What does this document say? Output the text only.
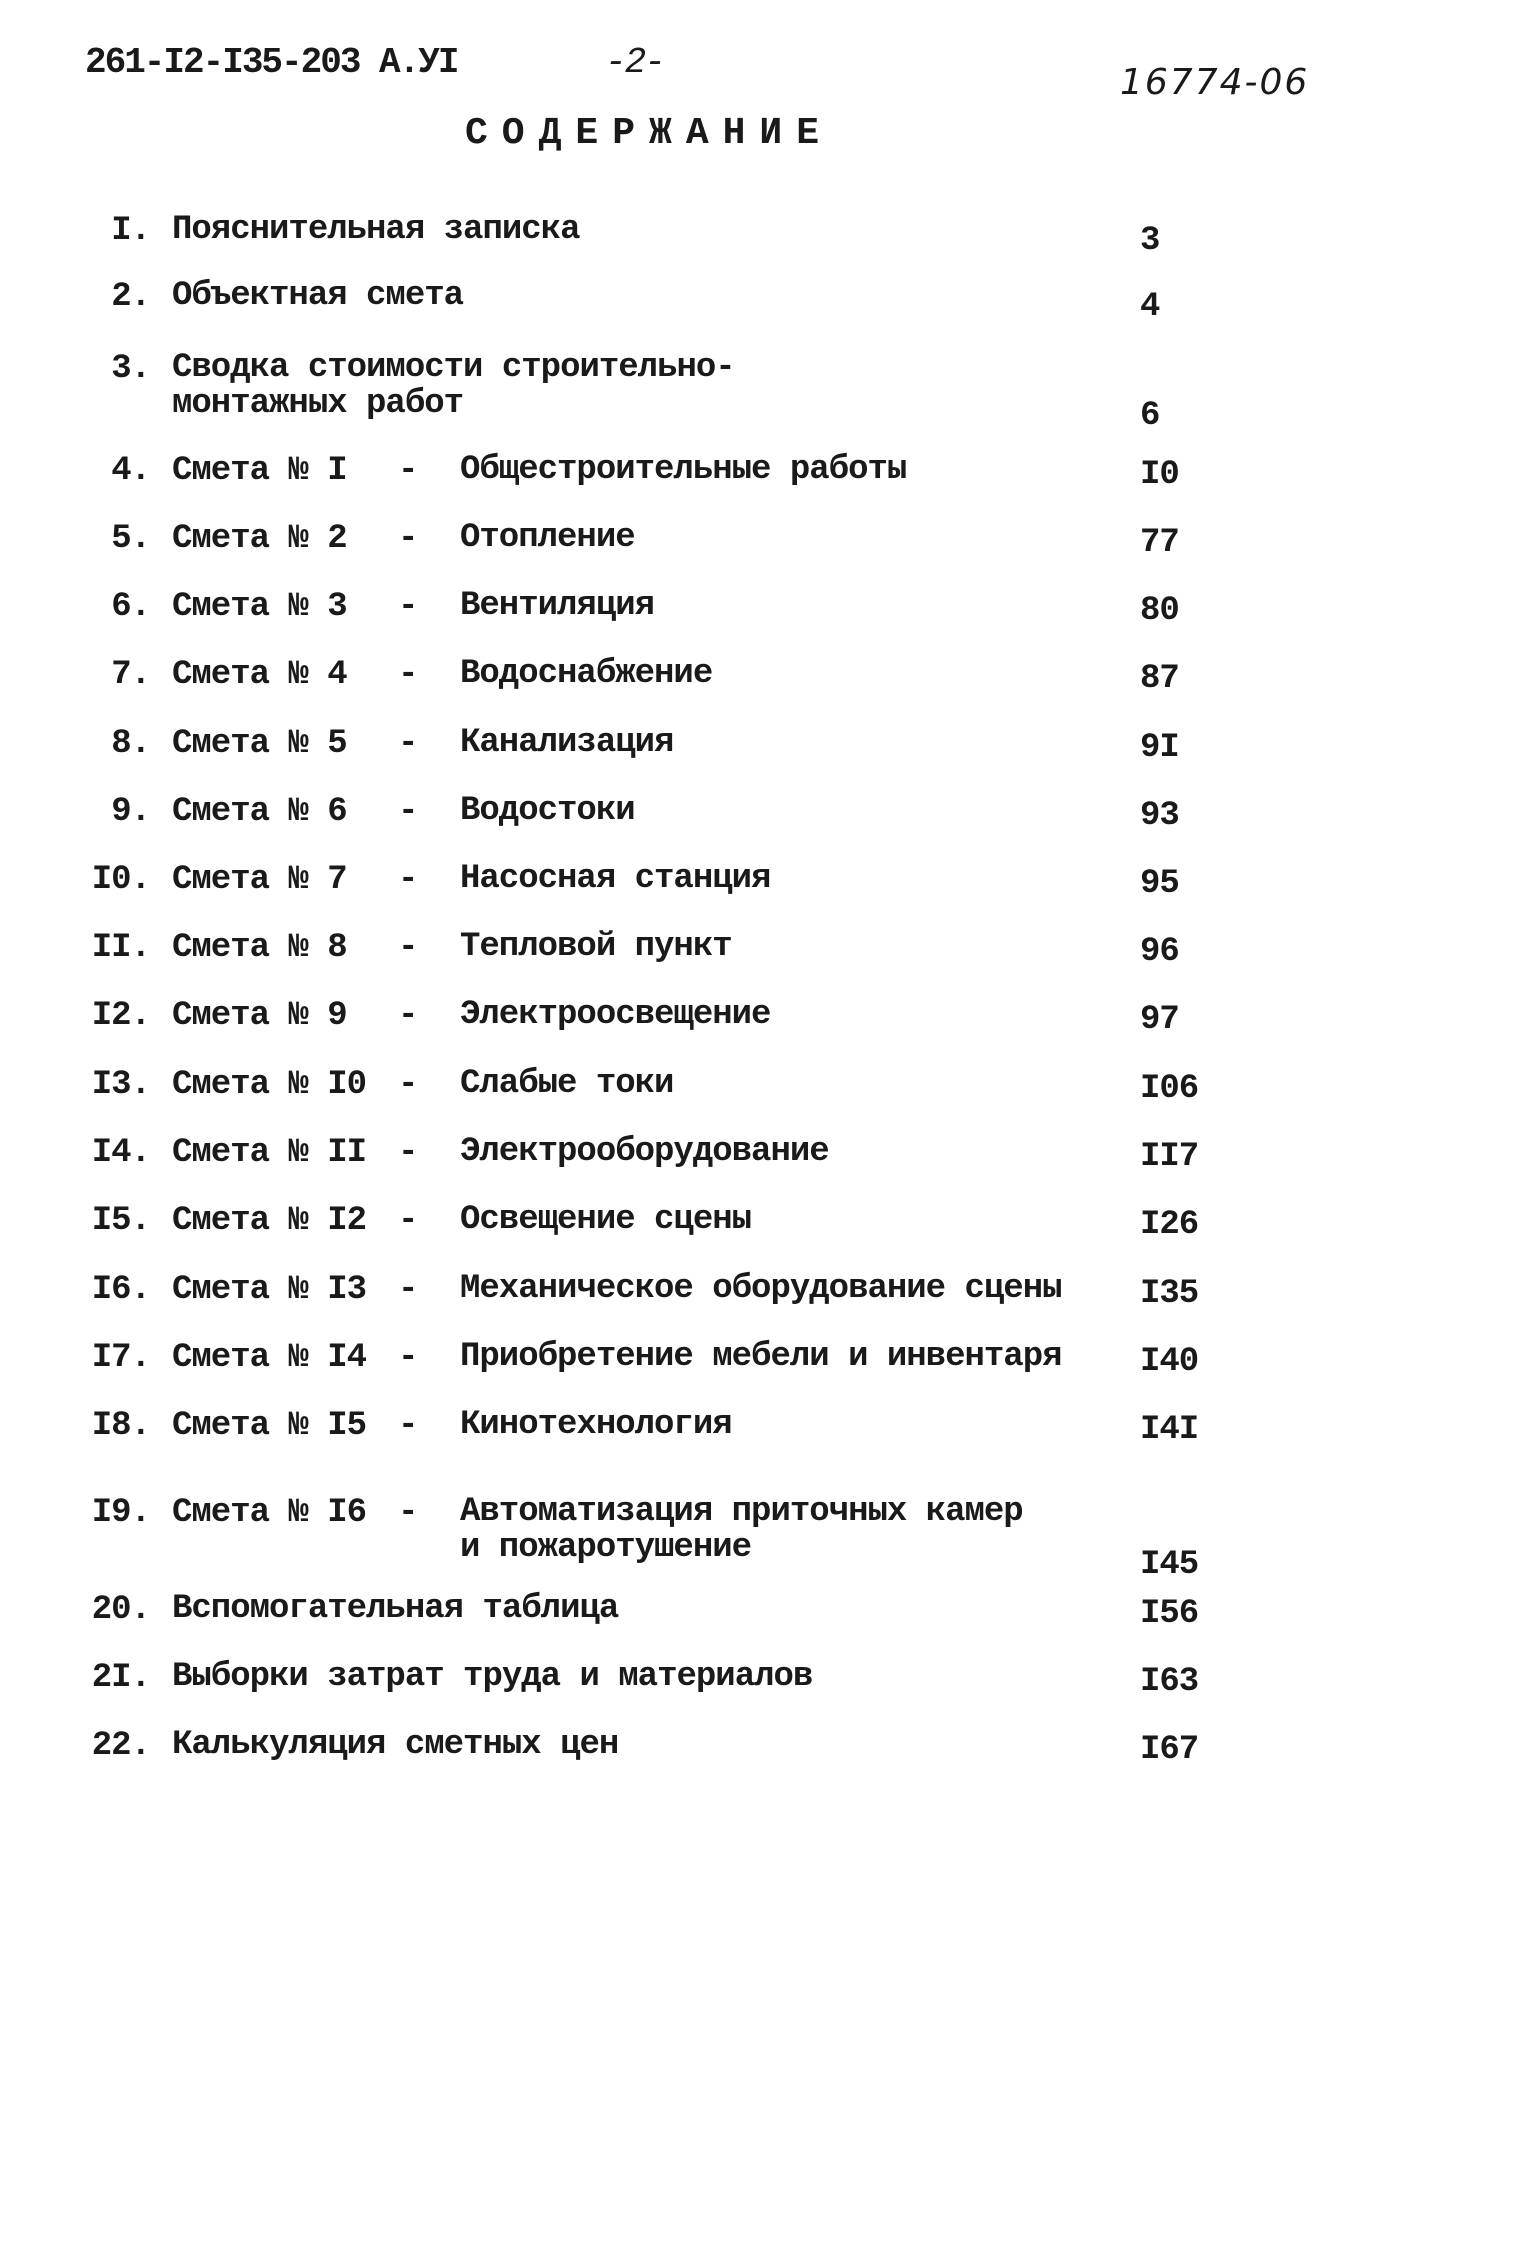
261-I2-I35-203 A.УI	-2-	16774-06
СОДЕРЖАНИЕ
I. Пояснительная записка	3
2. Объектная смета	4
3. Сводка стоимости строительно-
монтажных работ	6
4. Смета № I - Общестроительные работы	I0
5. Смета № 2 - Отопление	77
6. Смета № 3 - Вентиляция	80
7. Смета № 4 - Водоснабжение	87
8. Смета № 5 - Канализация	9I
9. Смета № 6 - Водостоки	93
I0. Смета № 7 - Насосная станция	95
II. Смета № 8 - Тепловой пункт	96
I2. Смета № 9 - Электроосвещение	97
I3. Смета № I0 - Слабые токи	I06
I4. Смета № II - Электрооборудование	II7
I5. Смета № I2 - Освещение сцены	I26
I6. Смета № I3 - Механическое оборудование сцены I35
I7. Смета № I4 - Приобретение мебели и инвентаря I40
I8. Смета № I5 - Кинотехнология	I4I
I9. Смета № I6 - Автоматизация приточных камер
и пожаротушение	I45
20. Вспомогательная таблица	I56
2I. Выборки затрат труда и материалов	I63
22. Калькуляция сметных цен	I67
